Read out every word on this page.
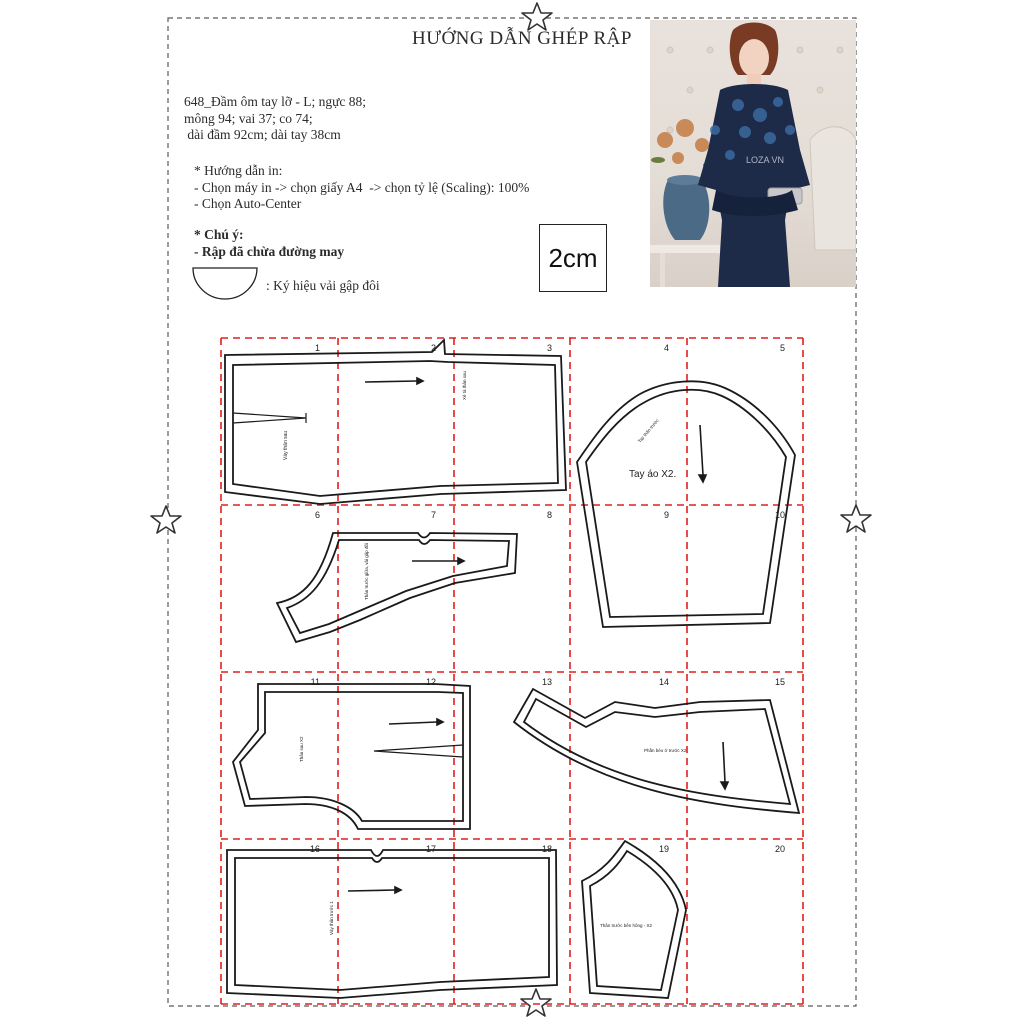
Váy thân sau
Xẻ tà thân sau
Tay áo X2.
Tay thân trước
Thân trước giữa, vải gập đôi
Thân sau X2	Phần bèo ở trước X2
Váy thân trước 1	Thân trước bên hông - X2
1	2	3	4	5
6	7	8	9	10
11	12	13	14	15
16	17	18	19	20
HƯỚNG DẪN GHÉP RẬP
648_Đầm ôm tay lỡ - L; ngực 88;
mông 94; vai 37; co 74;
dài đầm 92cm; dài tay 38cm
* Hướng dẫn in:
- Chọn máy in -> chọn giấy A4  -> chọn tỷ lệ (Scaling): 100%
- Chọn Auto-Center
* Chú ý:
- Rập đã chừa đường may
: Ký hiệu vải gập đôi
2cm
LOZA VN
